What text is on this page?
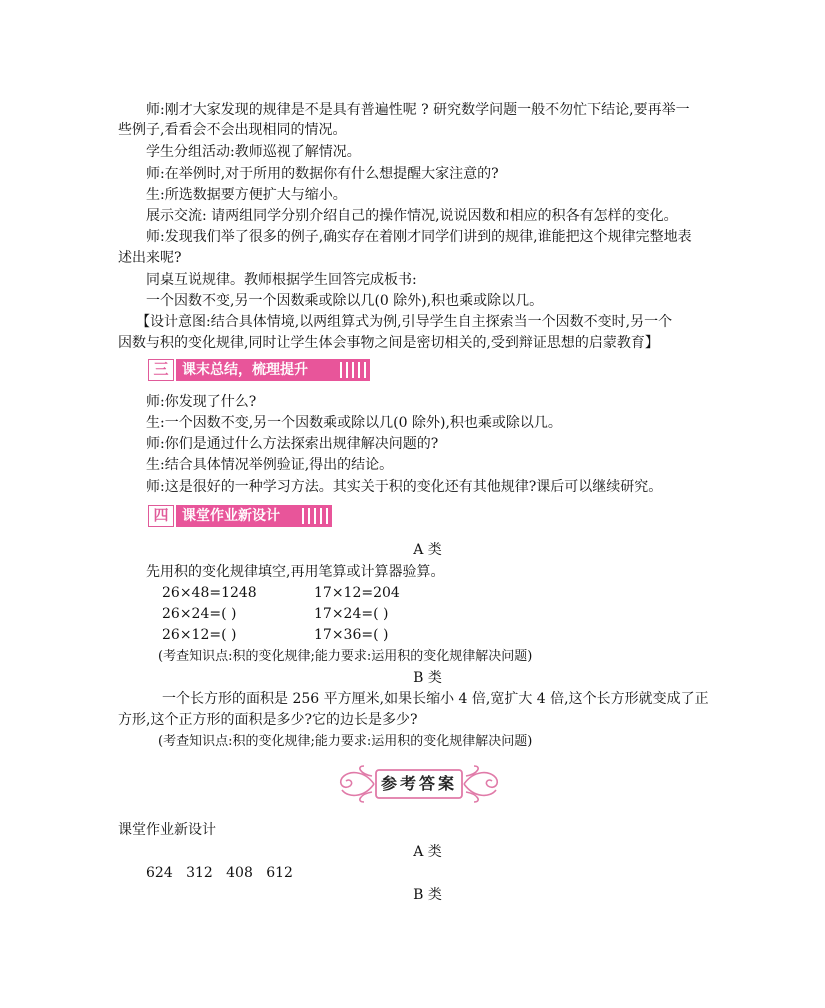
师:刚才大家发现的规律是不是具有普遍性呢 ? 研究数学问题一般不勿忙下结论,要再举一
些例子,看看会不会出现相同的情况。
学生分组活动:教师巡视了解情况。
师:在举例时,对于所用的数据你有什么想提醒大家注意的?
生:所选数据要方便扩大与缩小。
展示交流: 请两组同学分别介绍自己的操作情况,说说因数和相应的积各有怎样的变化。
师:发现我们举了很多的例子,确实存在着刚才同学们讲到的规律,谁能把这个规律完整地表
述出来呢?
同桌互说规律。教师根据学生回答完成板书:
一个因数不变,另一个因数乘或除以几(0 除外),积也乘或除以几。
【设计意图:结合具体情境,以两组算式为例,引导学生自主探索当一个因数不变时,另一个
因数与积的变化规律,同时让学生体会事物之间是密切相关的,受到辩证思想的启蒙教育】
三 课末总结，梳理提升
师:你发现了什么?
生:一个因数不变,另一个因数乘或除以几(0 除外),积也乘或除以几。
师:你们是通过什么方法探索出规律解决问题的?
生:结合具体情况举例验证,得出的结论。
师:这是很好的一种学习方法。其实关于积的变化还有其他规律?课后可以继续研究。
四 课堂作业新设计
A 类
先用积的变化规律填空,再用笔算或计算器验算。
26×48=1248	17×12=204
26×24=( )	17×24=( )
26×12=( )	17×36=( )
(考查知识点:积的变化规律;能力要求:运用积的变化规律解决问题)
B 类
一个长方形的面积是 256 平方厘米,如果长缩小 4 倍,宽扩大 4 倍,这个长方形就变成了正
方形,这个正方形的面积是多少?它的边长是多少?
(考查知识点:积的变化规律;能力要求:运用积的变化规律解决问题)
参考答案
课堂作业新设计
A 类
624   312   408   612
B 类
